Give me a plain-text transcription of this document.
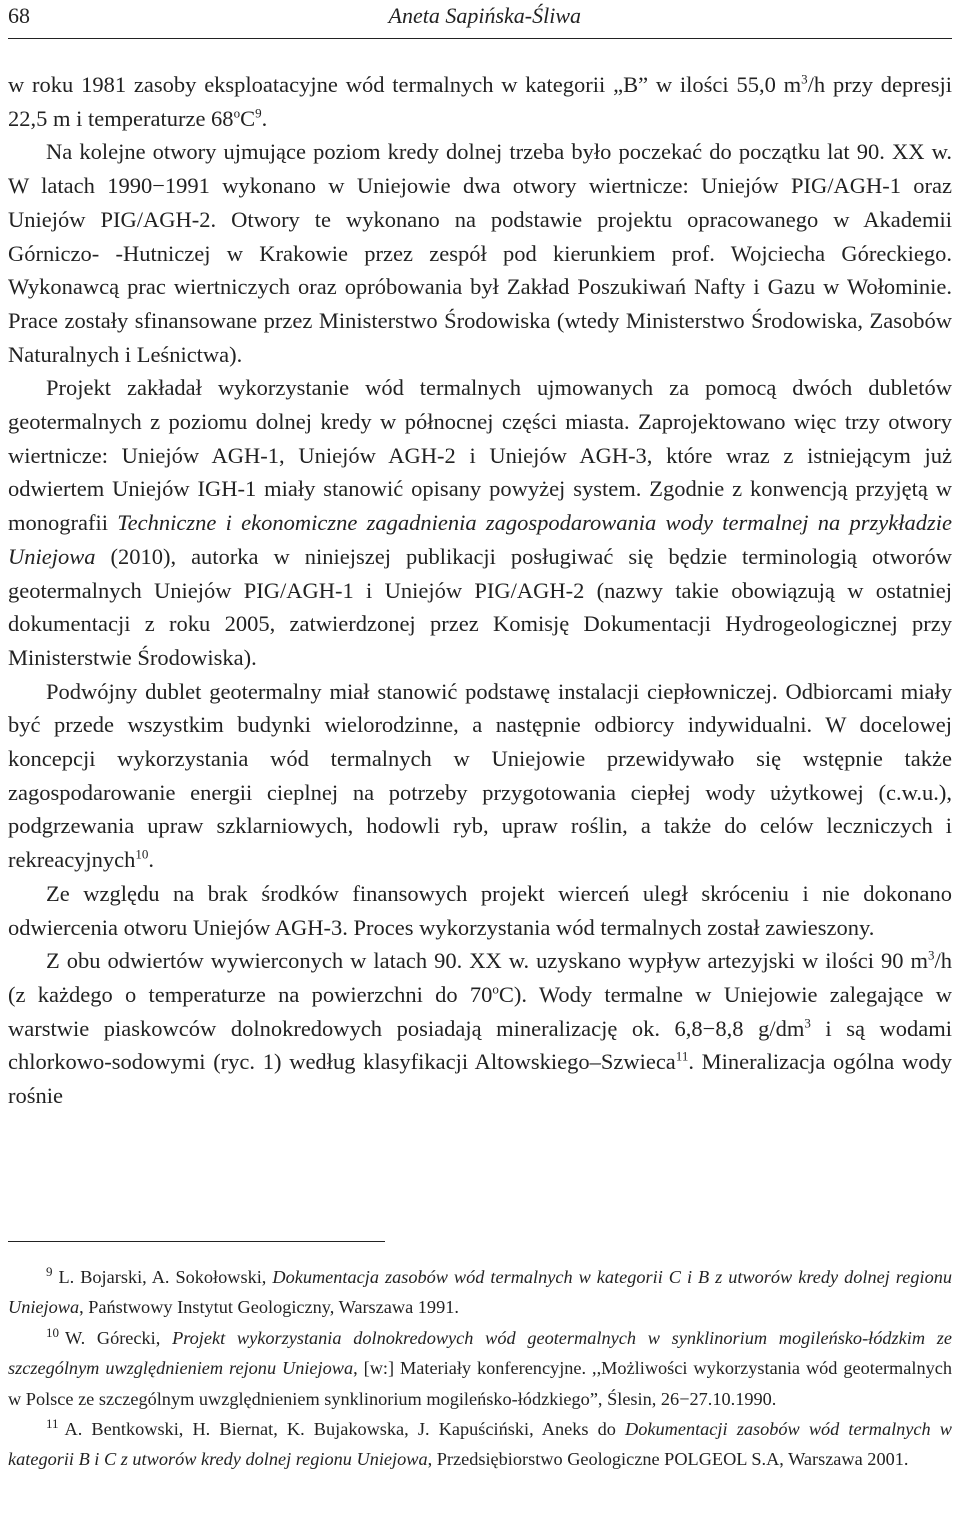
68	Aneta Sapińska-Śliwa

w roku 1981 zasoby eksploatacyjne wód termalnych w kategorii „B” w ilości 55,0 $m^3/h$ przy depresji 22,5 m i temperaturze $68^oC^9$.

Na kolejne otwory ujmujące poziom kredy dolnej trzeba było poczekać do początku lat 90. XX w. W latach 1990−1991 wykonano w Uniejowie dwa otwory wiertnicze: Uniejów PIG/AGH-1 oraz Uniejów PIG/AGH-2. Otwory te wykonano na podstawie projektu opracowanego w Akademii Górniczo- -Hutniczej w Krakowie przez zespół pod kierunkiem prof. Wojciecha Góreckiego. Wykonawcą prac wiertniczych oraz opróbowania był Zakład Poszukiwań Nafty i Gazu w Wołominie. Prace zostały sfinansowane przez Ministerstwo Środowiska (wtedy Ministerstwo Środowiska, Zasobów Naturalnych i Leśnictwa).

Projekt zakładał wykorzystanie wód termalnych ujmowanych za pomocą dwóch dubletów geotermalnych z poziomu dolnej kredy w północnej części miasta. Zaprojektowano więc trzy otwory wiertnicze: Uniejów AGH-1, Uniejów AGH-2 i Uniejów AGH-3, które wraz z istniejącym już odwiertem Uniejów IGH-1 miały stanowić opisany powyżej system. Zgodnie z konwencją przyjętą w monografii Techniczne i ekonomiczne zagadnienia zagospodarowania wody termalnej na przykładzie Uniejowa (2010), autorka w niniejszej publikacji posługiwać się będzie terminologią otworów geotermalnych Uniejów PIG/AGH-1 i Uniejów PIG/AGH-2 (nazwy takie obowiązują w ostatniej dokumentacji z roku 2005, zatwierdzonej przez Komisję Dokumentacji Hydrogeologicznej przy Ministerstwie Środowiska).

Podwójny dublet geotermalny miał stanowić podstawę instalacji ciepłowniczej. Odbiorcami miały być przede wszystkim budynki wielorodzinne, a następnie odbiorcy indywidualni. W docelowej koncepcji wykorzystania wód termalnych w Uniejowie przewidywało się wstępnie także zagospodarowanie energii cieplnej na potrzeby przygotowania ciepłej wody użytkowej (c.w.u.), podgrzewania upraw szklarniowych, hodowli ryb, upraw roślin, a także do celów leczniczych i rekreacyjnych$^{10}$.

Ze względu na brak środków finansowych projekt wierceń uległ skróceniu i nie dokonano odwiercenia otworu Uniejów AGH-3. Proces wykorzystania wód termalnych został zawieszony.

Z obu odwiertów wywierconych w latach 90. XX w. uzyskano wypływ artezyjski w ilości 90 $m^3/h$ (z każdego o temperaturze na powierzchni do 70$^o$C). Wody termalne w Uniejowie zalegające w warstwie piaskowców dolnokredowych posiadają mineralizację ok. 6,8−8,8 $g/dm^3$ i są wodami chlorkowo-sodowymi (ryc. 1) według klasyfikacji Altowskiego–Szwieca$^{11}$. Mineralizacja ogólna wody rośnie

$^9$ L. Bojarski, A. Sokołowski, Dokumentacja zasobów wód termalnych w kategorii C i B z utworów kredy dolnej regionu Uniejowa, Państwowy Instytut Geologiczny, Warszawa 1991.

$^{10}$ W. Górecki, Projekt wykorzystania dolnokredowych wód geotermalnych w synklinorium mogileńsko-łódzkim ze szczególnym uwzględnieniem rejonu Uniejowa, [w:] Materiały konferencyjne. ,,Możliwości wykorzystania wód geotermalnych w Polsce ze szczególnym uwzględnieniem synklinorium mogileńsko-łódzkiego”, Ślesin, 26−27.10.1990.

$^{11}$ A. Bentkowski, H. Biernat, K. Bujakowska, J. Kapuściński, Aneks do Dokumentacji zasobów wód termalnych w kategorii B i C z utworów kredy dolnej regionu Uniejowa, Przedsiębiorstwo Geologiczne POLGEOL S.A, Warszawa 2001.
